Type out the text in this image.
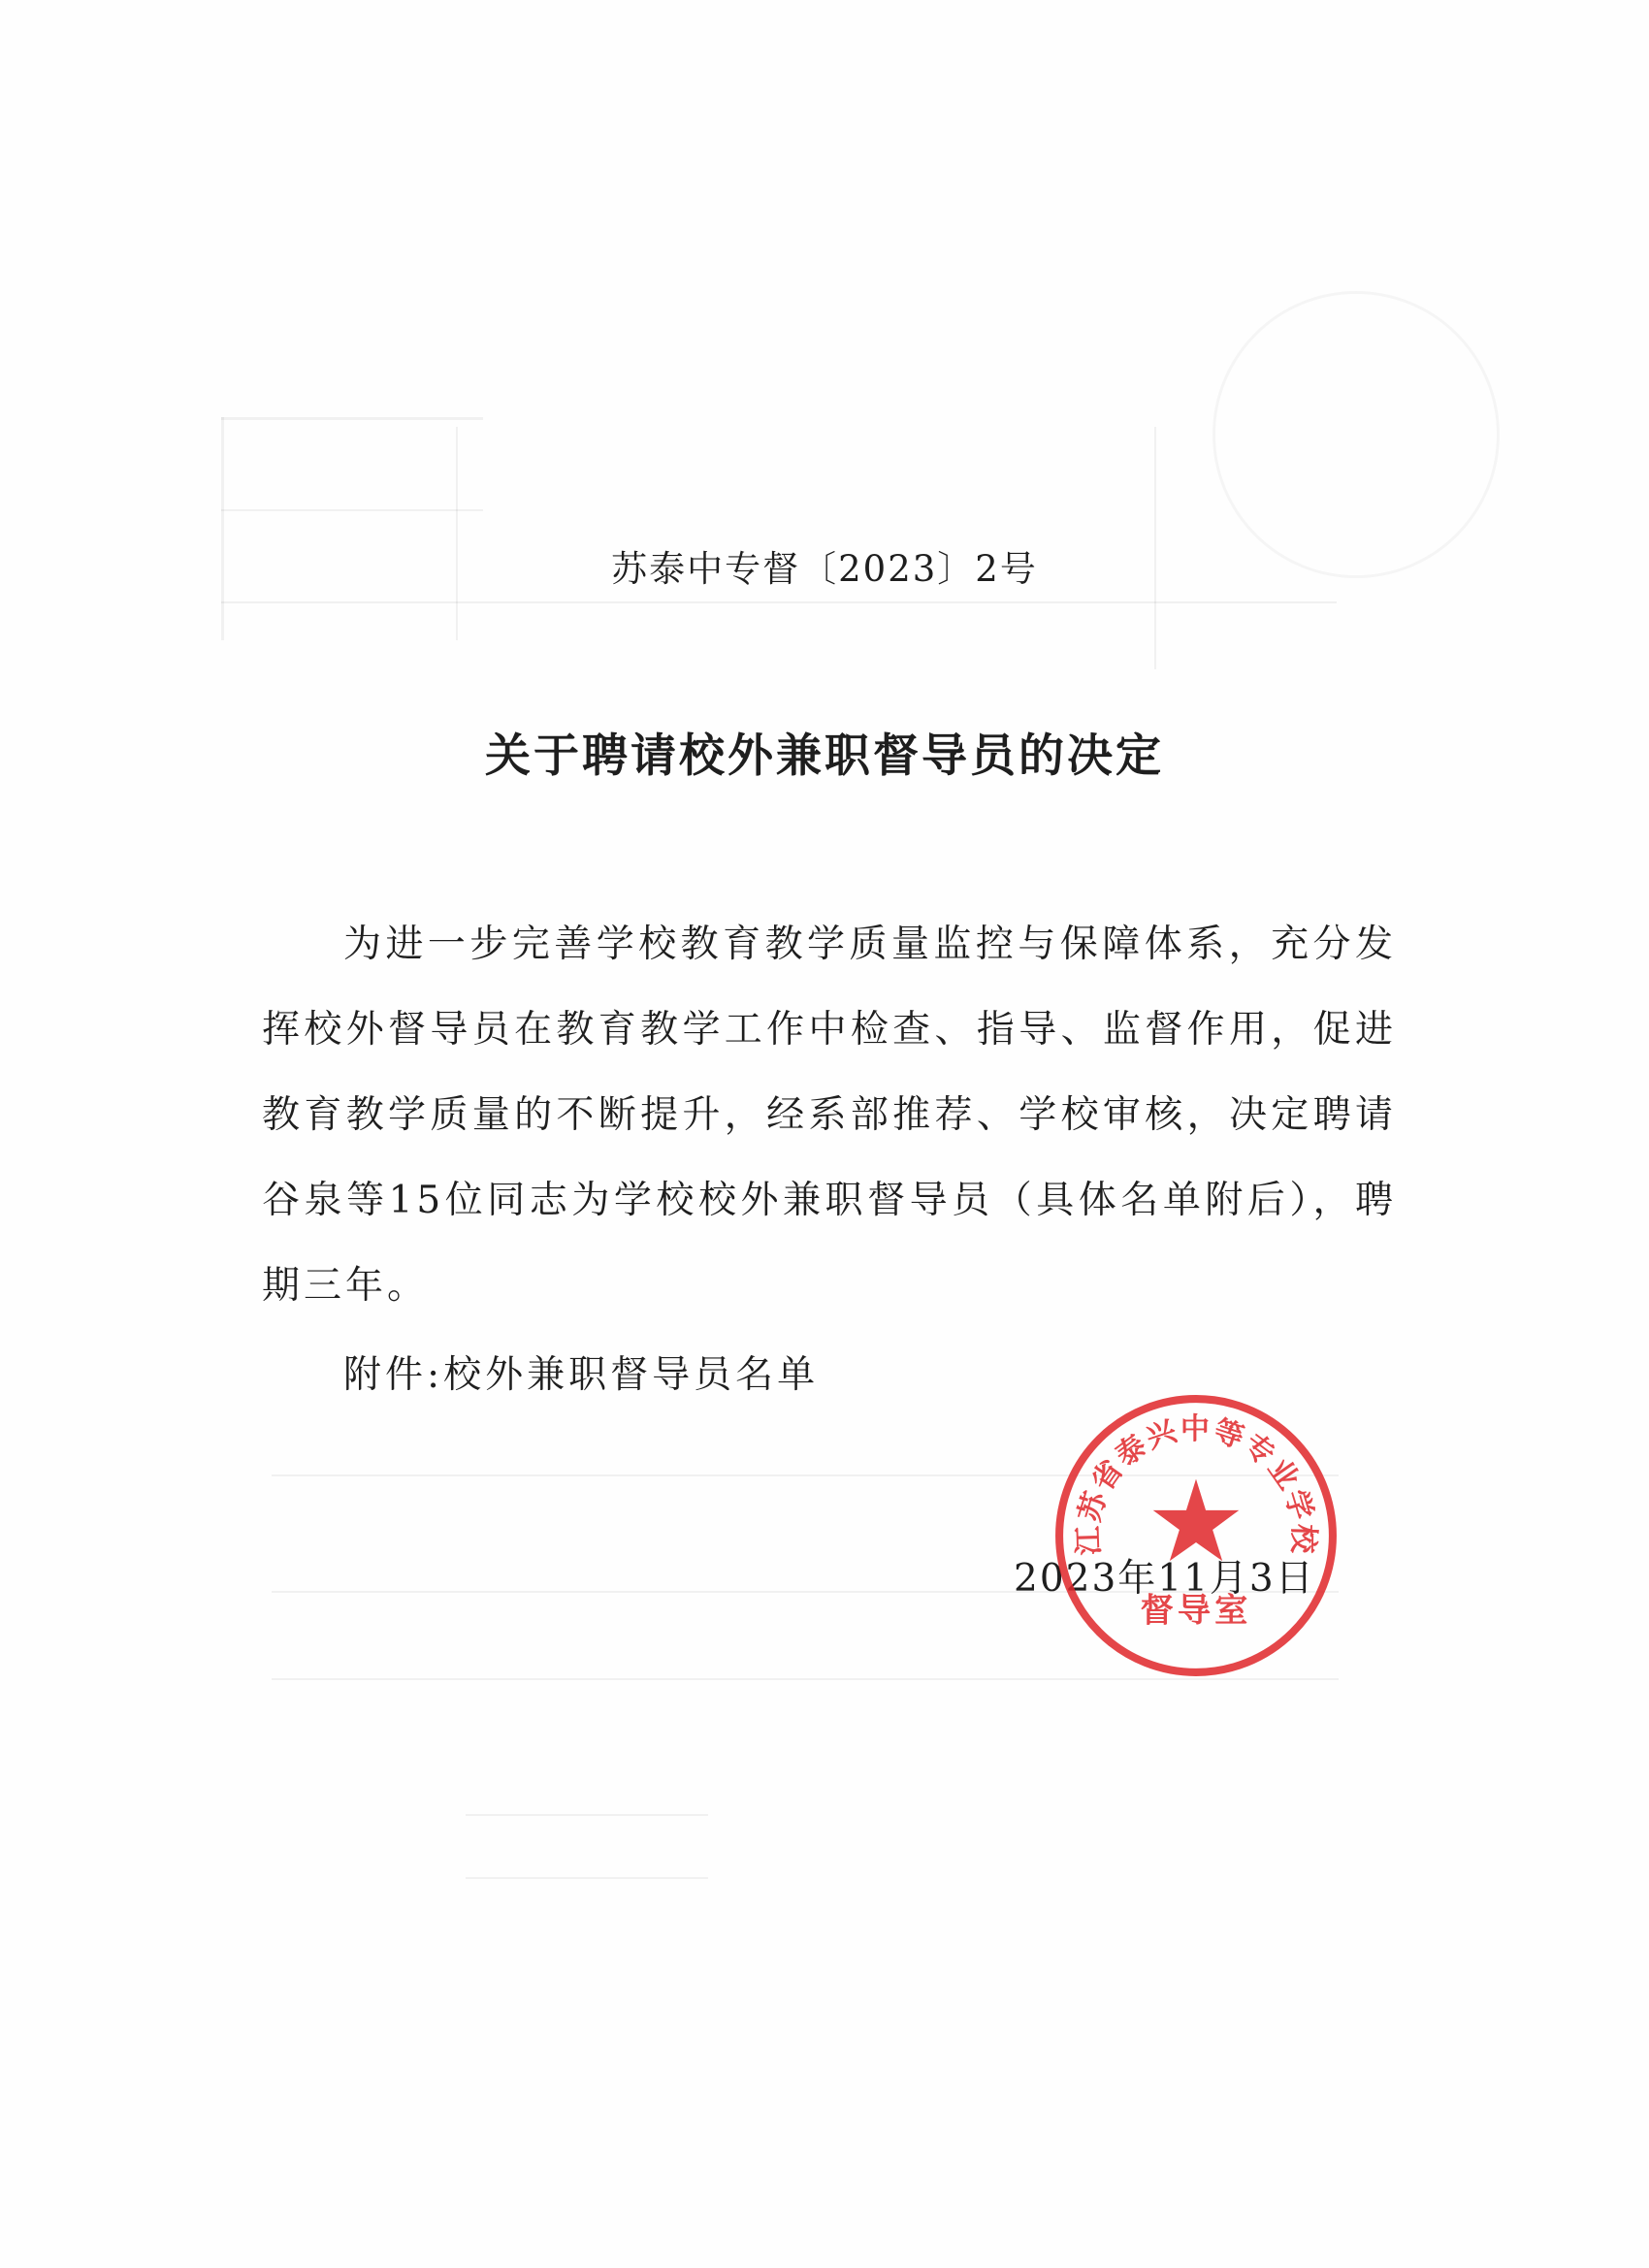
苏泰中专督〔2023〕2号
关于聘请校外兼职督导员的决定

为进一步完善学校教育教学质量监控与保障体系，充分发挥校外督导员在教育教学工作中检查、指导、监督作用，促进教育教学质量的不断提升，经系部推荐、学校审核，决定聘请谷泉等15位同志为学校校外兼职督导员（具体名单附后），聘期三年。

附件:校外兼职督导员名单
2023年11月3日
江苏省泰兴中等专业学校
督导室
